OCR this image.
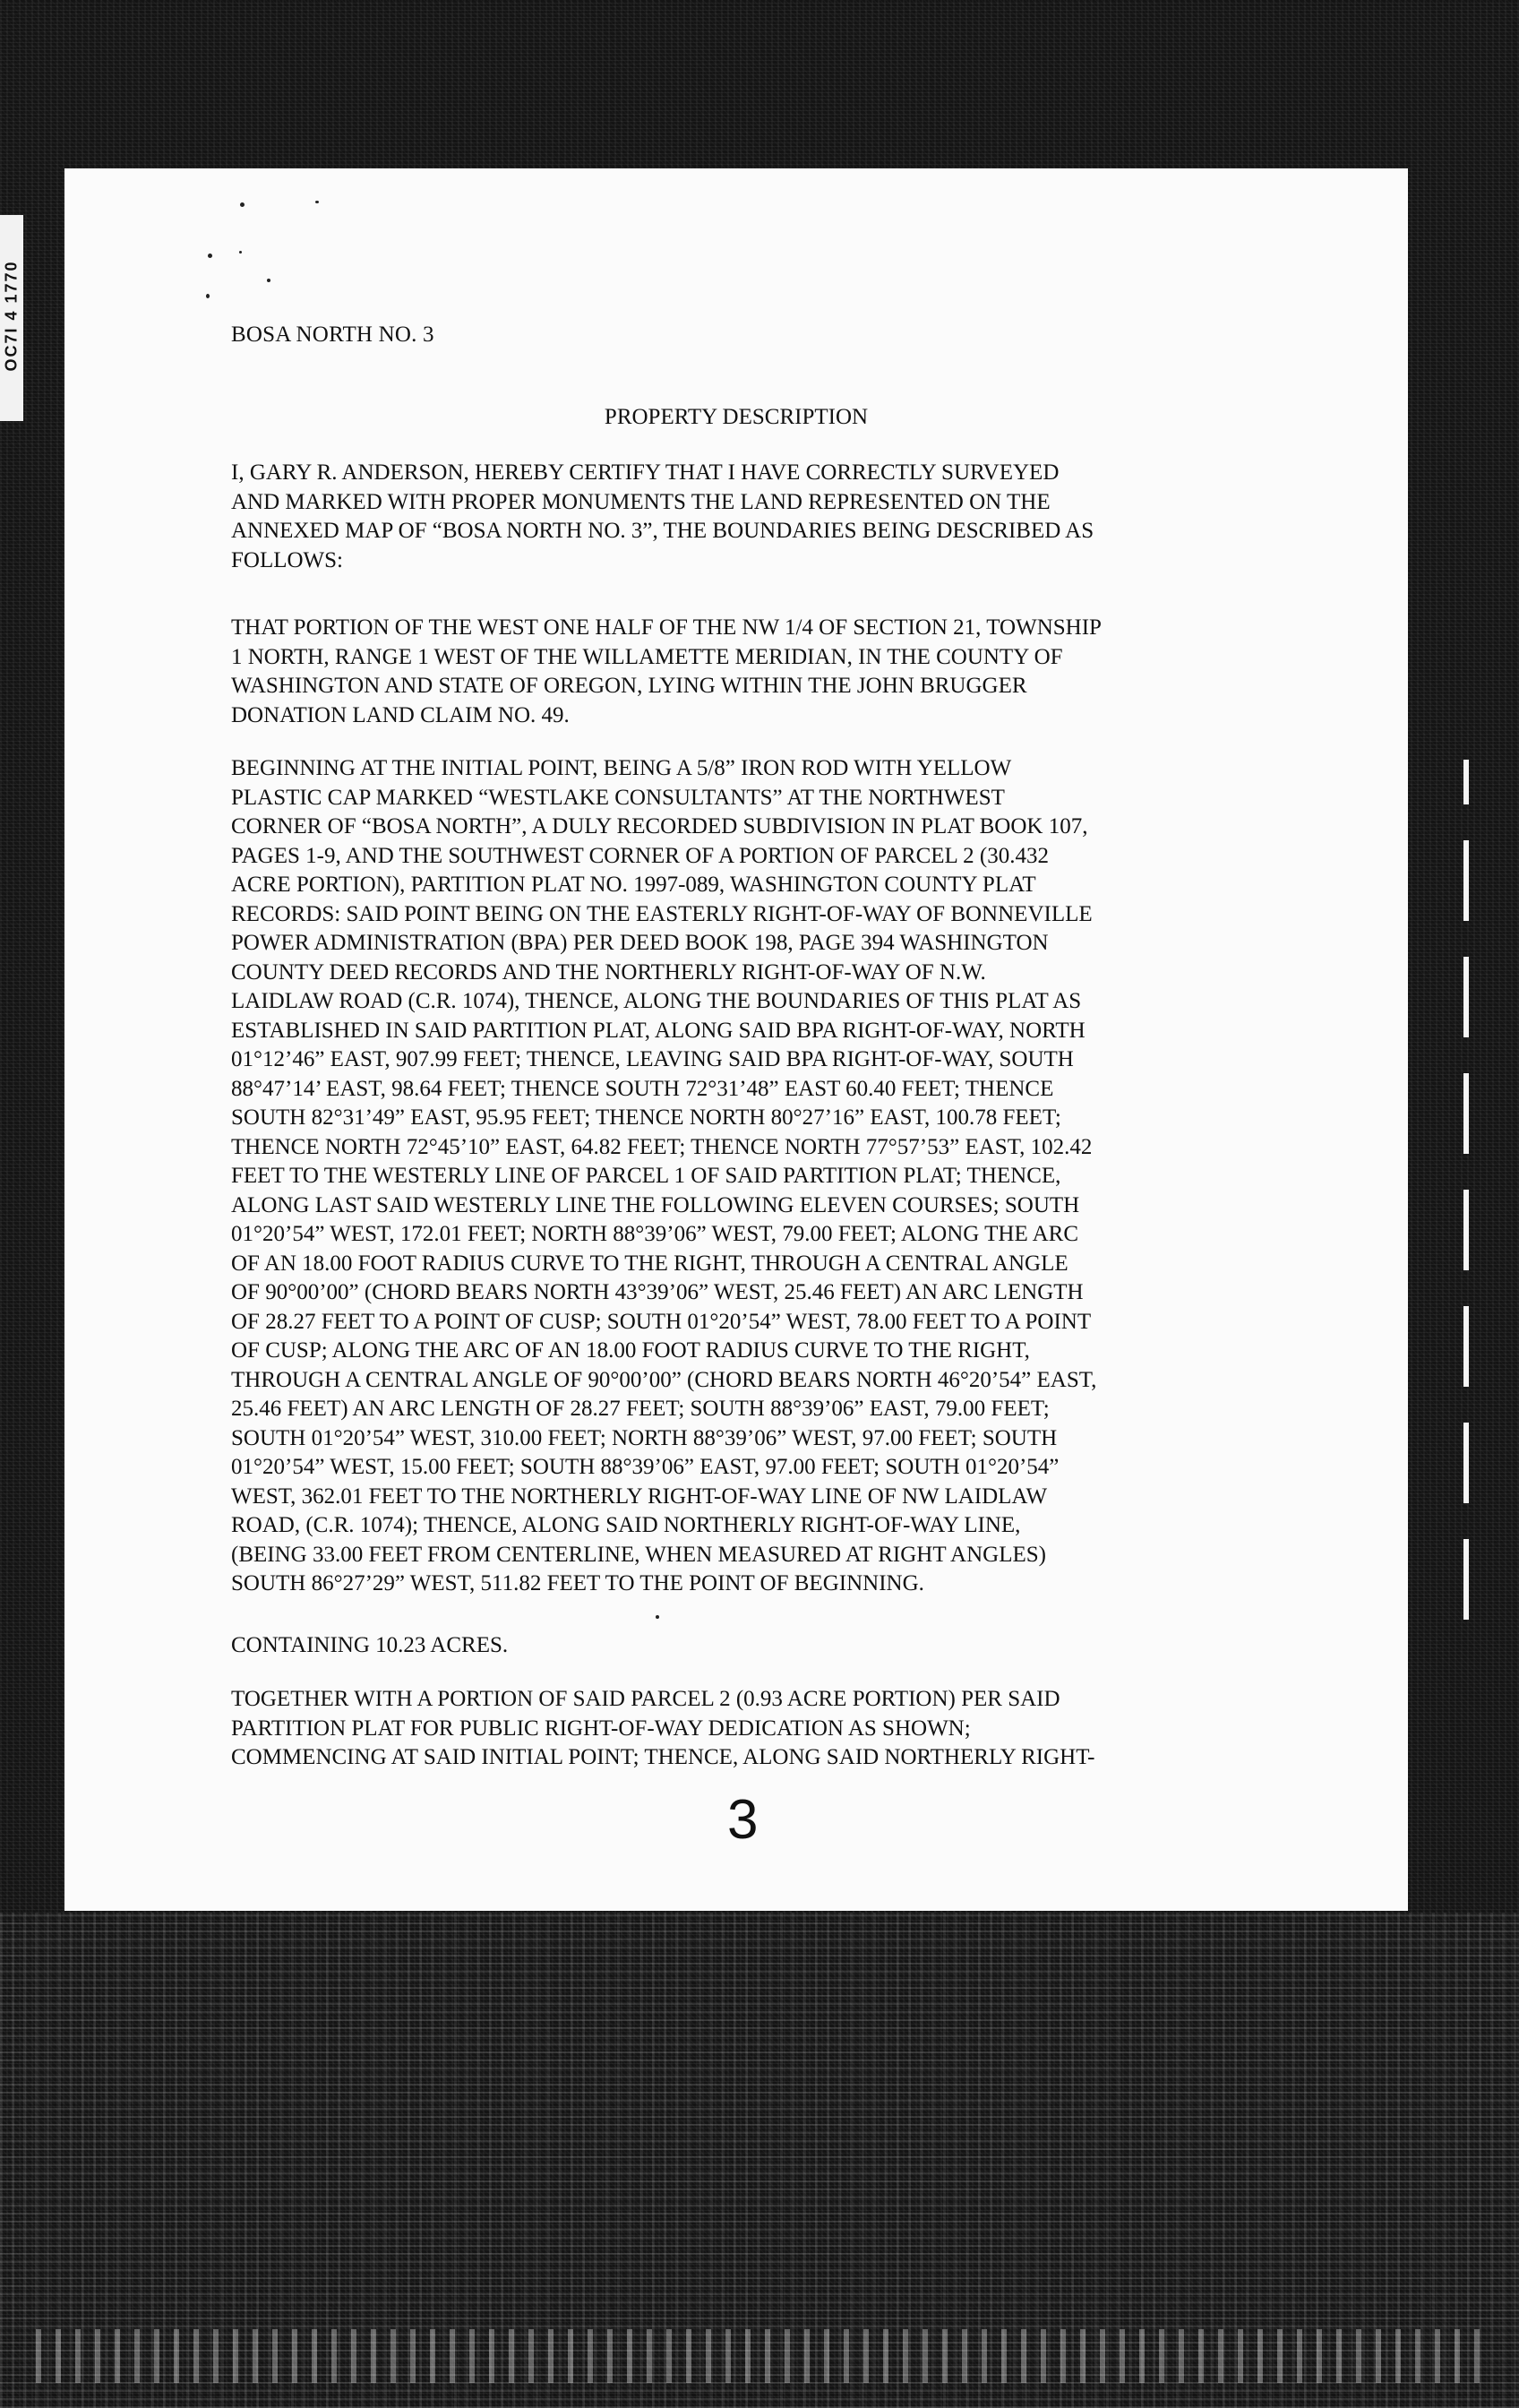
OC7I 4 1770	BOSA NORTH NO. 3
PROPERTY DESCRIPTION
I, GARY R. ANDERSON, HEREBY CERTIFY THAT I HAVE CORRECTLY SURVEYED
AND MARKED WITH PROPER MONUMENTS THE LAND REPRESENTED ON THE
ANNEXED MAP OF “BOSA NORTH NO. 3”, THE BOUNDARIES BEING DESCRIBED AS
FOLLOWS:
THAT PORTION OF THE WEST ONE HALF OF THE NW 1/4 OF SECTION 21, TOWNSHIP
1 NORTH, RANGE 1 WEST OF THE WILLAMETTE MERIDIAN, IN THE COUNTY OF
WASHINGTON AND STATE OF OREGON, LYING WITHIN THE JOHN BRUGGER
DONATION LAND CLAIM NO. 49.
BEGINNING AT THE INITIAL POINT, BEING A 5/8” IRON ROD WITH YELLOW
PLASTIC CAP MARKED “WESTLAKE CONSULTANTS” AT THE NORTHWEST
CORNER OF “BOSA NORTH”, A DULY RECORDED SUBDIVISION IN PLAT BOOK 107,
PAGES 1-9, AND THE SOUTHWEST CORNER OF A PORTION OF PARCEL 2 (30.432
ACRE PORTION), PARTITION PLAT NO. 1997-089, WASHINGTON COUNTY PLAT
RECORDS: SAID POINT BEING ON THE EASTERLY RIGHT-OF-WAY OF BONNEVILLE
POWER ADMINISTRATION (BPA) PER DEED BOOK 198, PAGE 394 WASHINGTON
COUNTY DEED RECORDS AND THE NORTHERLY RIGHT-OF-WAY OF N.W.
LAIDLAW ROAD (C.R. 1074), THENCE, ALONG THE BOUNDARIES OF THIS PLAT AS
ESTABLISHED IN SAID PARTITION PLAT, ALONG SAID BPA RIGHT-OF-WAY, NORTH
01°12’46” EAST, 907.99 FEET; THENCE, LEAVING SAID BPA RIGHT-OF-WAY, SOUTH
88°47’14’ EAST, 98.64 FEET; THENCE SOUTH 72°31’48” EAST 60.40 FEET; THENCE
SOUTH 82°31’49” EAST, 95.95 FEET; THENCE NORTH 80°27’16” EAST, 100.78 FEET;
THENCE NORTH 72°45’10” EAST, 64.82 FEET; THENCE NORTH 77°57’53” EAST, 102.42
FEET TO THE WESTERLY LINE OF PARCEL 1 OF SAID PARTITION PLAT; THENCE,
ALONG LAST SAID WESTERLY LINE THE FOLLOWING ELEVEN COURSES; SOUTH
01°20’54” WEST, 172.01 FEET; NORTH 88°39’06” WEST, 79.00 FEET; ALONG THE ARC
OF AN 18.00 FOOT RADIUS CURVE TO THE RIGHT, THROUGH A CENTRAL ANGLE
OF 90°00’00” (CHORD BEARS NORTH 43°39’06” WEST, 25.46 FEET) AN ARC LENGTH
OF 28.27 FEET TO A POINT OF CUSP; SOUTH 01°20’54” WEST, 78.00 FEET TO A POINT
OF CUSP; ALONG THE ARC OF AN 18.00 FOOT RADIUS CURVE TO THE RIGHT,
THROUGH A CENTRAL ANGLE OF 90°00’00” (CHORD BEARS NORTH 46°20’54” EAST,
25.46 FEET) AN ARC LENGTH OF 28.27 FEET; SOUTH 88°39’06” EAST, 79.00 FEET;
SOUTH 01°20’54” WEST, 310.00 FEET; NORTH 88°39’06” WEST, 97.00 FEET; SOUTH
01°20’54” WEST, 15.00 FEET; SOUTH 88°39’06” EAST, 97.00 FEET; SOUTH 01°20’54”
WEST, 362.01 FEET TO THE NORTHERLY RIGHT-OF-WAY LINE OF NW LAIDLAW
ROAD, (C.R. 1074); THENCE, ALONG SAID NORTHERLY RIGHT-OF-WAY LINE,
(BEING 33.00 FEET FROM CENTERLINE, WHEN MEASURED AT RIGHT ANGLES)
SOUTH 86°27’29” WEST, 511.82 FEET TO THE POINT OF BEGINNING.
CONTAINING 10.23 ACRES.
TOGETHER WITH A PORTION OF SAID PARCEL 2 (0.93 ACRE PORTION) PER SAID
PARTITION PLAT FOR PUBLIC RIGHT-OF-WAY DEDICATION AS SHOWN;
COMMENCING AT SAID INITIAL POINT; THENCE, ALONG SAID NORTHERLY RIGHT-
3
